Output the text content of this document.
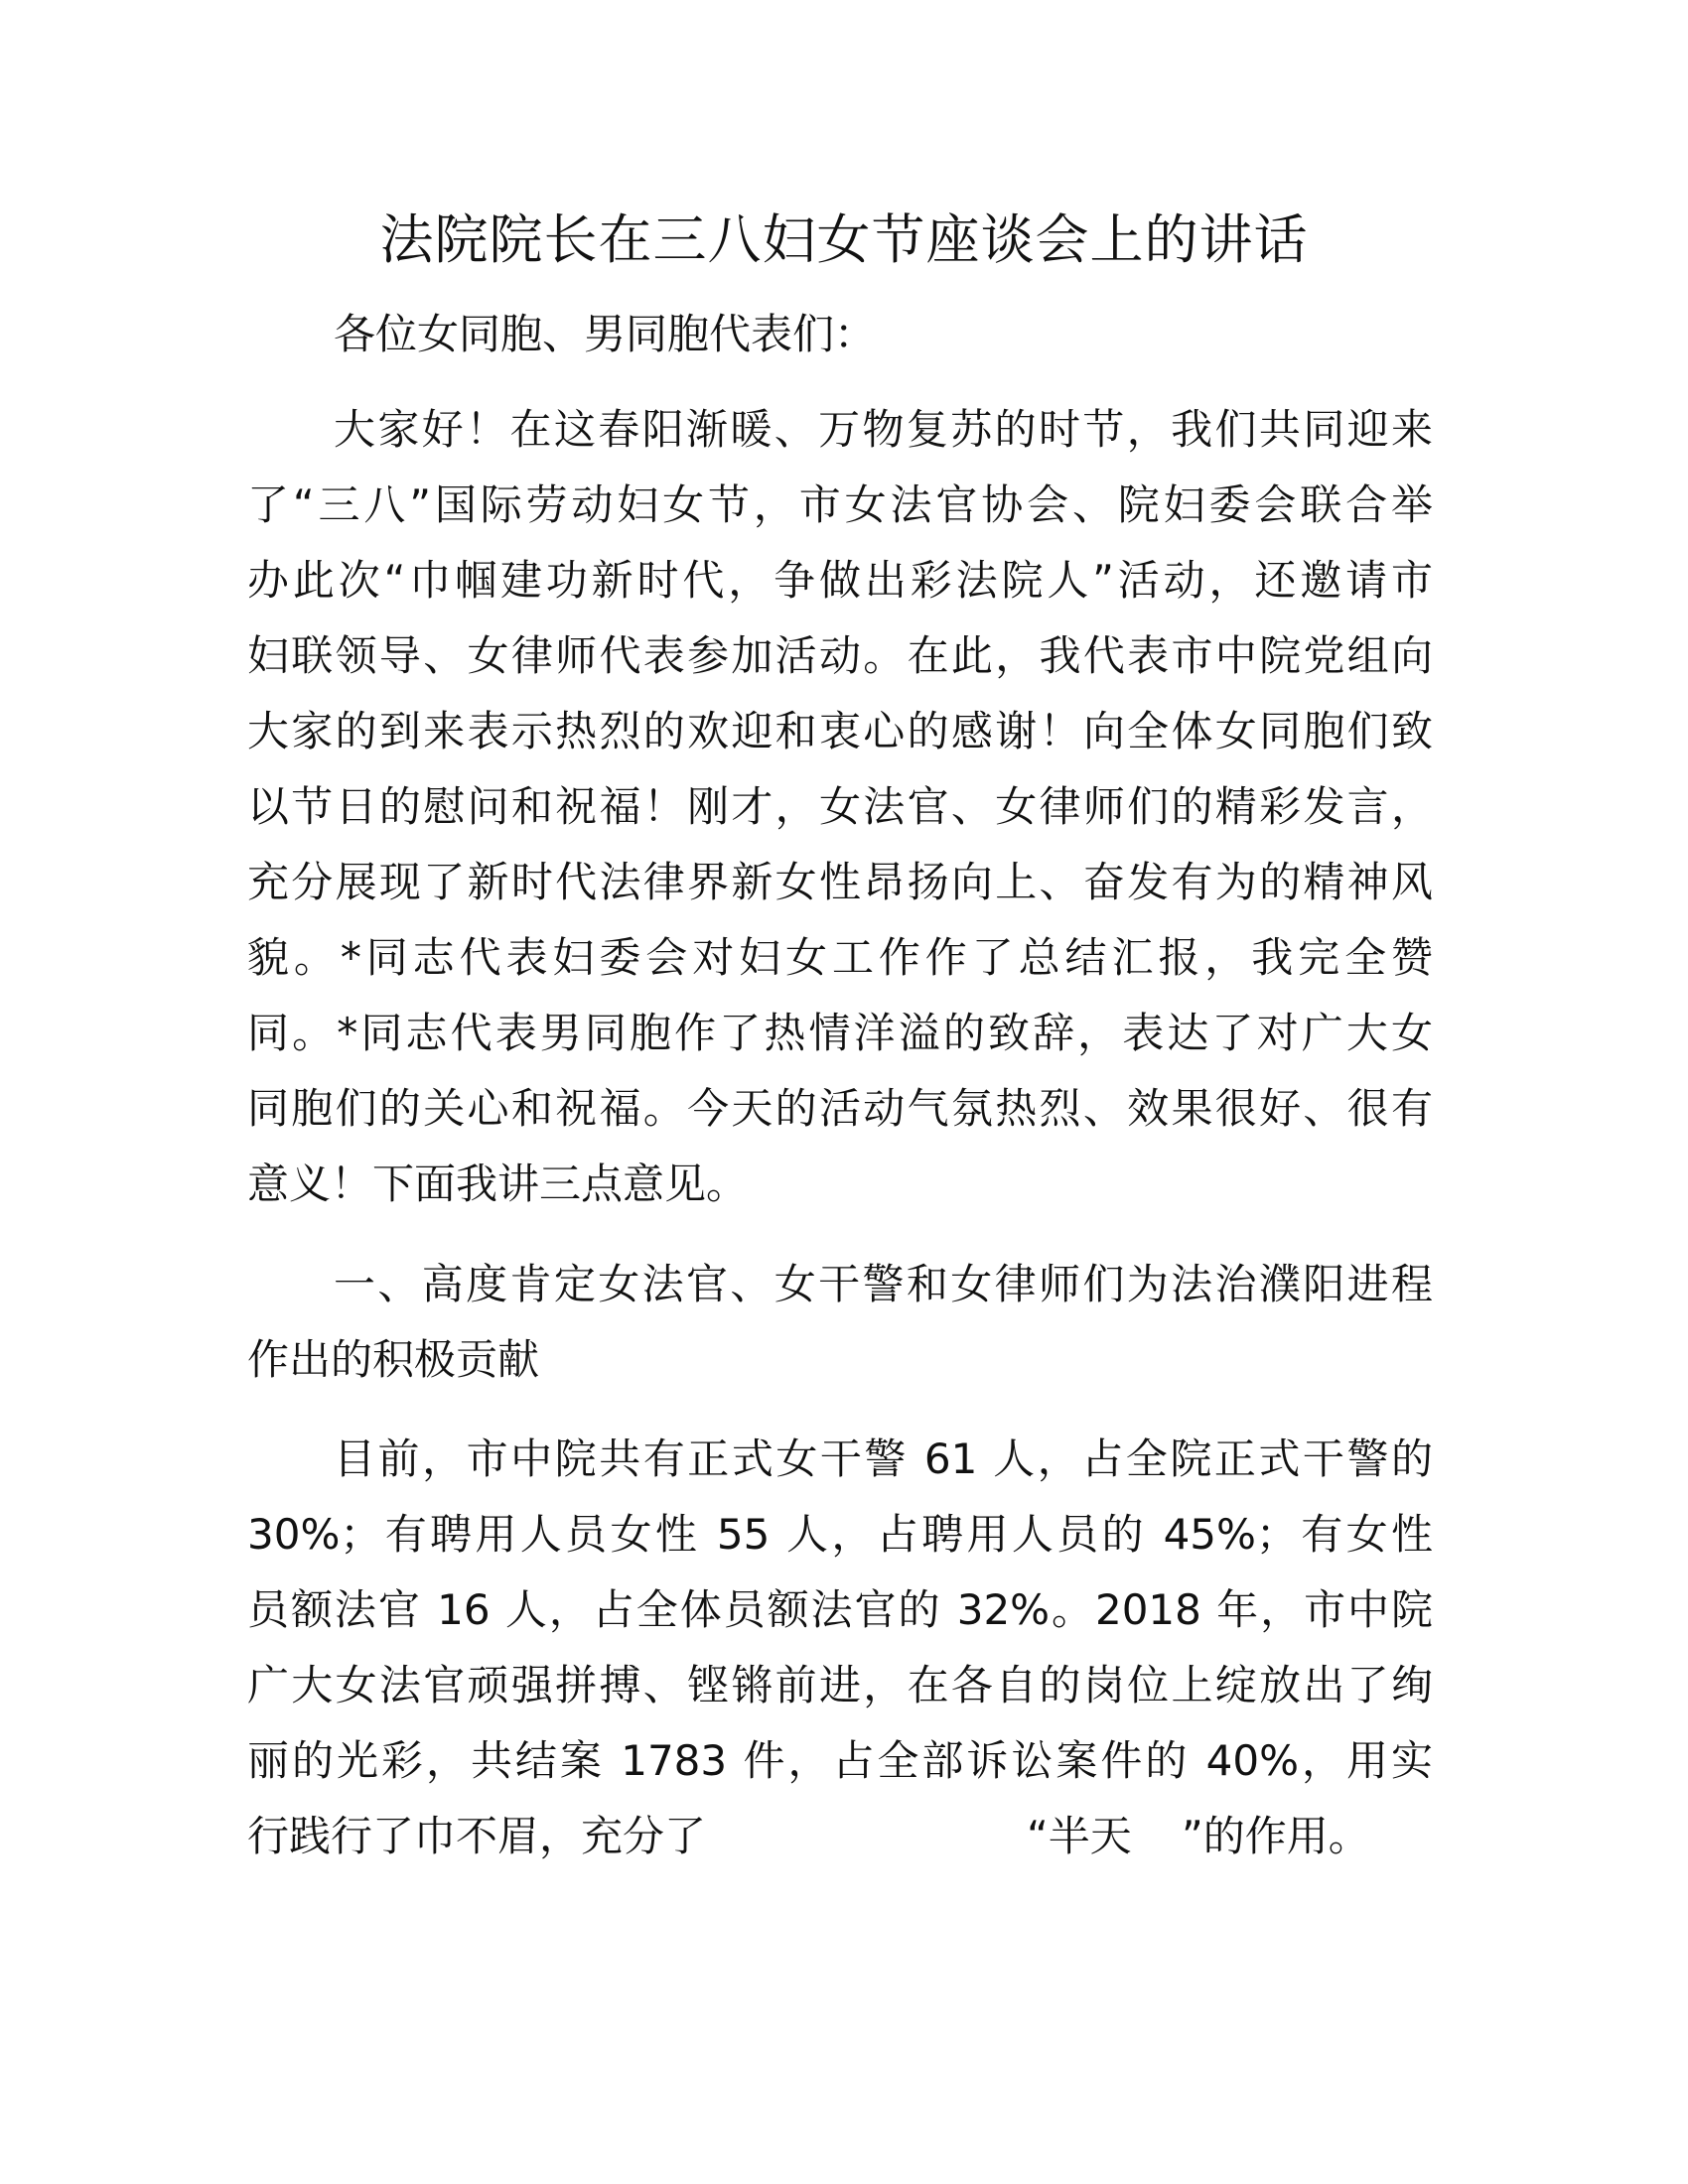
法院院长在三八妇女节座谈会上的讲话
各位女同胞、男同胞代表们：
大家好！在这春阳渐暖、万物复苏的时节，我们共同迎来
了“三八”国际劳动妇女节，市女法官协会、院妇委会联合举
办此次“巾帼建功新时代，争做出彩法院人”活动，还邀请市
妇联领导、女律师代表参加活动。在此，我代表市中院党组向
大家的到来表示热烈的欢迎和衷心的感谢！向全体女同胞们致
以节日的慰问和祝福！刚才，女法官、女律师们的精彩发言，
充分展现了新时代法律界新女性昂扬向上、奋发有为的精神风
貌。*同志代表妇委会对妇女工作作了总结汇报，我完全赞
同。*同志代表男同胞作了热情洋溢的致辞，表达了对广大女
同胞们的关心和祝福。今天的活动气氛热烈、效果很好、很有
意义！下面我讲三点意见。
一、高度肯定女法官、女干警和女律师们为法治濮阳进程
作出的积极贡献
目前，市中院共有正式女干警 61 人，占全院正式干警的
30%；有聘用人员女性 55 人，占聘用人员的 45%；有女性
员额法官 16 人，占全体员额法官的 32%。2018 年，市中院
广大女法官顽强拼搏、铿锵前进，在各自的岗位上绽放出了绚
丽的光彩，共结案 1783 件，占全部诉讼案件的 40%，用实
行践行了巾不眉，充分了	“半天 ”的作用。
